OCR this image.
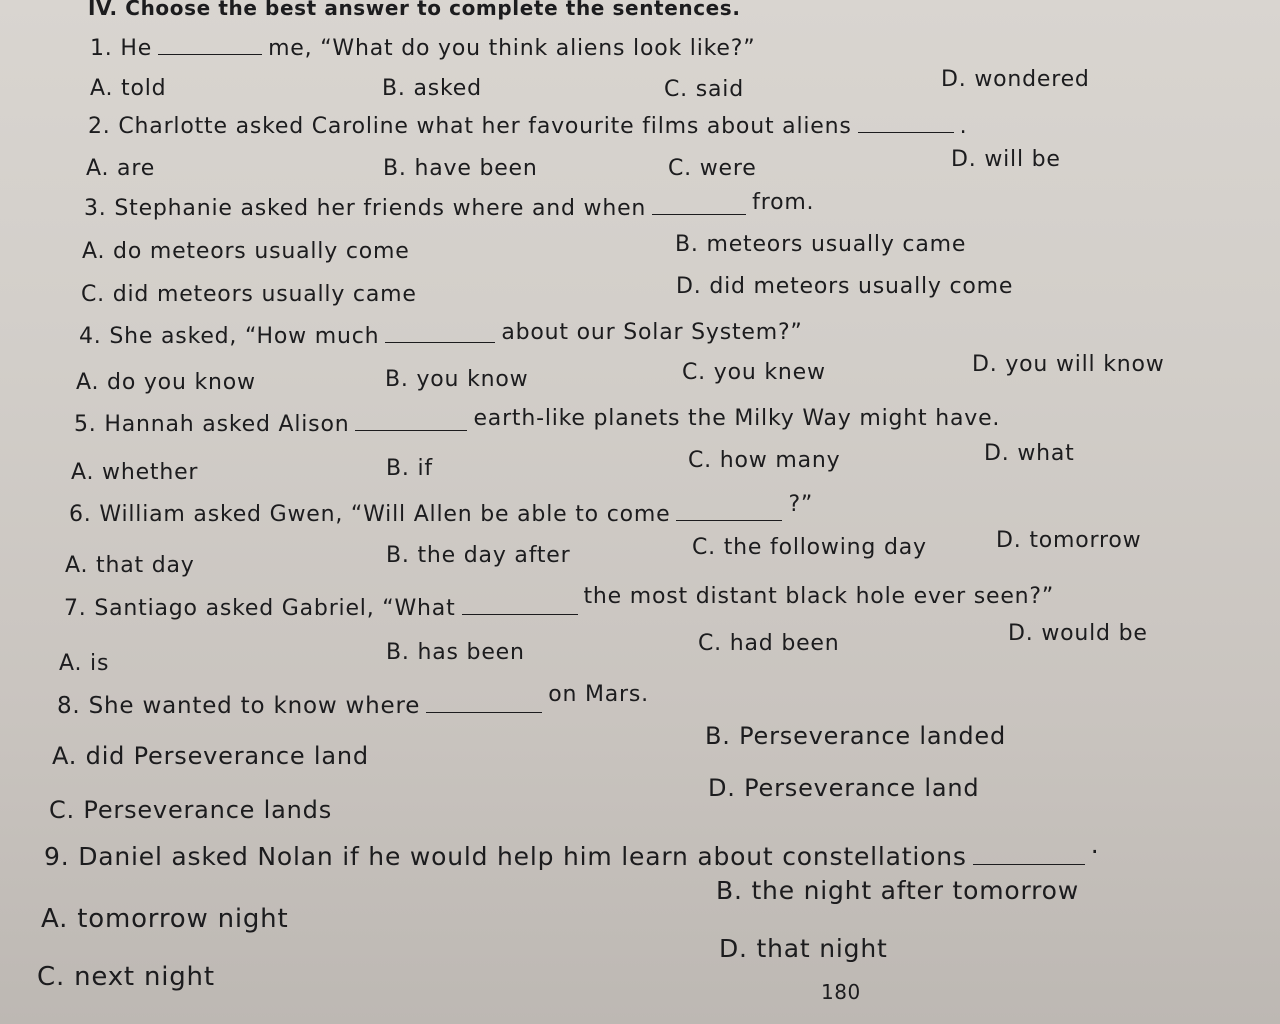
IV. Choose the best answer to complete the sentences.
1. He	me, “What do you think aliens look like?”
A. told	B. asked	C. said	D. wondered
2. Charlotte asked Caroline what her favourite films about aliens	.
A. are	B. have been	C. were	D. will be
3. Stephanie asked her friends where and when	from.
A. do meteors usually come	B. meteors usually came
C. did meteors usually came	D. did meteors usually come
4. She asked, “How much	about our Solar System?”
A. do you know	B. you know	C. you knew	D. you will know
5. Hannah asked Alison	earth-like planets the Milky Way might have.
A. whether	B. if	C. how many	D. what
6. William asked Gwen, “Will Allen be able to come	?”
A. that day	B. the day after	C. the following day	D. tomorrow
7. Santiago asked Gabriel, “What	the most distant black hole ever seen?”
A. is	B. has been	C. had been	D. would be
8. She wanted to know where	on Mars.
A. did Perseverance land
B. Perseverance landed
C. Perseverance lands
D. Perseverance land
9. Daniel asked Nolan if he would help him learn about constellations	.
A. tomorrow night
B. the night after tomorrow
C. next night
D. that night
180
